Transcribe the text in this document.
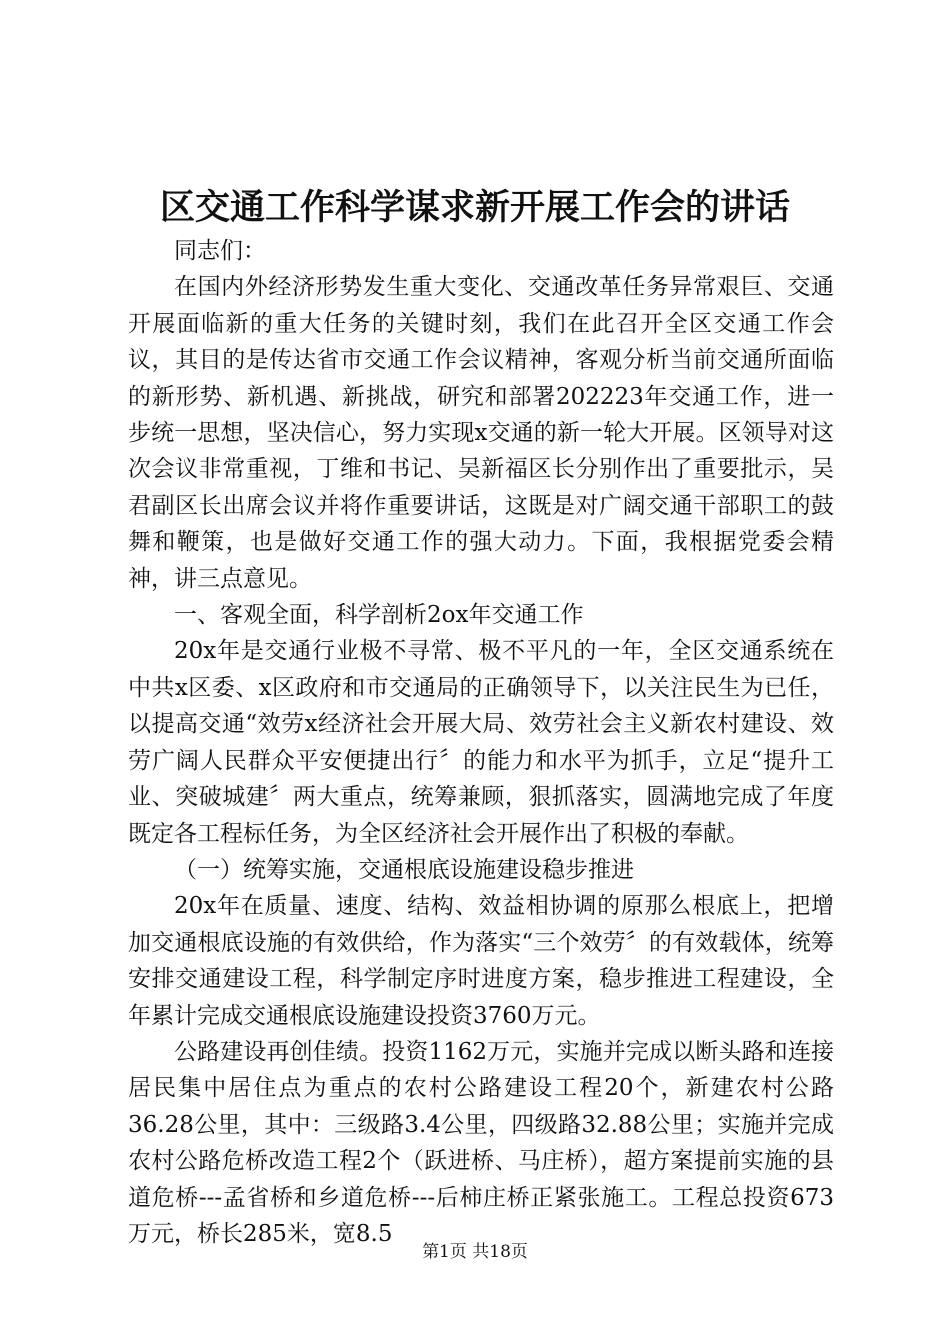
区交通工作科学谋求新开展工作会的讲话

同志们：

在国内外经济形势发生重大变化、交通改革任务异常艰巨、交通开展面临新的重大任务的关键时刻，我们在此召开全区交通工作会议，其目的是传达省市交通工作会议精神，客观分析当前交通所面临的新形势、新机遇、新挑战，研究和部署202223年交通工作，进一步统一思想，坚决信心，努力实现x交通的新一轮大开展。区领导对这次会议非常重视，丁维和书记、吴新福区长分别作出了重要批示，吴君副区长出席会议并将作重要讲话，这既是对广阔交通干部职工的鼓舞和鞭策，也是做好交通工作的强大动力。下面，我根据党委会精神，讲三点意见。

一、客观全面，科学剖析2ox年交通工作

20x年是交通行业极不寻常、极不平凡的一年，全区交通系统在中共x区委、x区政府和市交通局的正确领导下，以关注民生为已任，以提高交通“效劳x经济社会开展大局、效劳社会主义新农村建设、效劳广阔人民群众平安便捷出行〞的能力和水平为抓手，立足“提升工业、突破城建〞两大重点，统筹兼顾，狠抓落实，圆满地完成了年度既定各工程标任务，为全区经济社会开展作出了积极的奉献。

（一）统筹实施，交通根底设施建设稳步推进

20x年在质量、速度、结构、效益相协调的原那么根底上，把增加交通根底设施的有效供给，作为落实“三个效劳〞的有效载体，统筹安排交通建设工程，科学制定序时进度方案，稳步推进工程建设，全年累计完成交通根底设施建设投资3760万元。

公路建设再创佳绩。投资1162万元，实施并完成以断头路和连接居民集中居住点为重点的农村公路建设工程20个，新建农村公路36.28公里，其中：三级路3.4公里，四级路32.88公里；实施并完成农村公路危桥改造工程2个（跃进桥、马庄桥），超方案提前实施的县道危桥---孟省桥和乡道危桥---后柿庄桥正紧张施工。工程总投资673万元，桥长285米，宽8.5

第1页 共18页
